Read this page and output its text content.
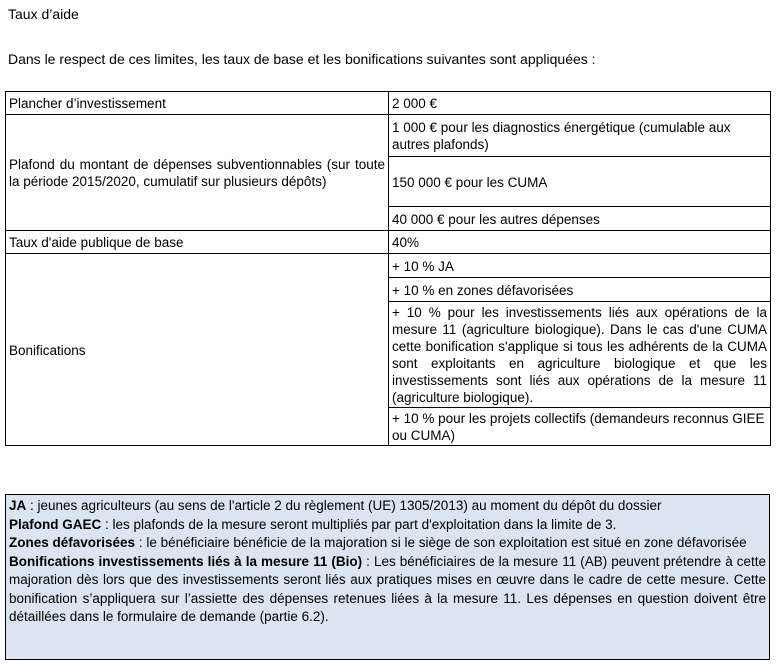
Taux d’aide
Dans le respect de ces limites, les taux de base et les bonifications suivantes sont appliquées :
Plancher d’investissement	2 000 €
Plafond du montant de dépenses subventionnables (sur toute la période 2015/2020, cumulatif sur plusieurs dépôts)	1 000 € pour les diagnostics énergétique (cumulable aux autres plafonds)
	150 000 € pour les CUMA
	40 000 € pour les autres dépenses
Taux d'aide publique de base	40%
Bonifications	+ 10 % JA
	+ 10 % en zones défavorisées
	+ 10 % pour les investissements liés aux opérations de la mesure 11 (agriculture biologique). Dans le cas d'une CUMA cette bonification s'applique si tous les adhérents de la CUMA sont exploitants en agriculture biologique et que les investissements sont liés aux opérations de la mesure 11 (agriculture biologique).
	+ 10 % pour les projets collectifs (demandeurs reconnus GIEE ou CUMA)

JA : jeunes agriculteurs (au sens de l'article 2 du règlement (UE) 1305/2013) au moment du dépôt du dossier

Plafond GAEC : les plafonds de la mesure seront multipliés par part d'exploitation dans la limite de 3.

Zones défavorisées : le bénéficiaire bénéficie de la majoration si le siège de son exploitation est situé en zone défavorisée

Bonifications investissements liés à la mesure 11 (Bio) : Les bénéficiaires de la mesure 11 (AB) peuvent prétendre à cette majoration dès lors que des investissements seront liés aux pratiques mises en œuvre dans le cadre de cette mesure. Cette bonification s’appliquera sur l’assiette des dépenses retenues liées à la mesure 11. Les dépenses en question doivent être détaillées dans le formulaire de demande (partie 6.2).
